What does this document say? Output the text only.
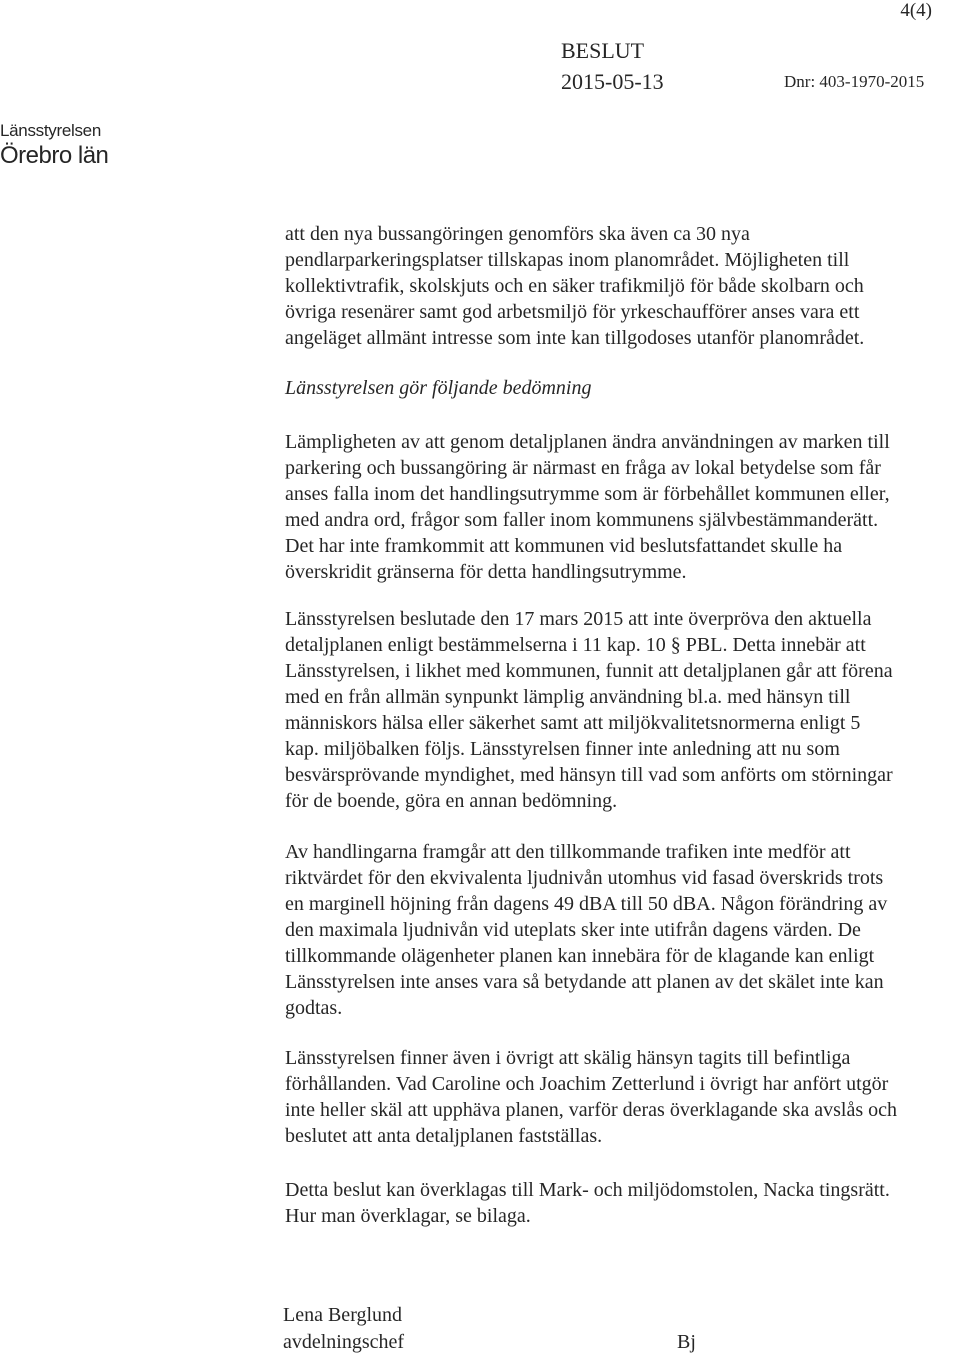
4(4)
BESLUT
2015-05-13	Dnr: 403-1970-2015
Länsstyrelsen
Örebro län
att den nya bussangöringen genomförs ska även ca 30 nya
pendlarparkeringsplatser tillskapas inom planområdet. Möjligheten till
kollektivtrafik, skolskjuts och en säker trafikmiljö för både skolbarn och
övriga resenärer samt god arbetsmiljö för yrkeschaufförer anses vara ett
angeläget allmänt intresse som inte kan tillgodoses utanför planområdet.
Länsstyrelsen gör följande bedömning
Lämpligheten av att genom detaljplanen ändra användningen av marken till
parkering och bussangöring är närmast en fråga av lokal betydelse som får
anses falla inom det handlingsutrymme som är förbehållet kommunen eller,
med andra ord, frågor som faller inom kommunens självbestämmanderätt.
Det har inte framkommit att kommunen vid beslutsfattandet skulle ha
överskridit gränserna för detta handlingsutrymme.
Länsstyrelsen beslutade den 17 mars 2015 att inte överpröva den aktuella
detaljplanen enligt bestämmelserna i 11 kap. 10 § PBL. Detta innebär att
Länsstyrelsen, i likhet med kommunen, funnit att detaljplanen går att förena
med en från allmän synpunkt lämplig användning bl.a. med hänsyn till
människors hälsa eller säkerhet samt att miljökvalitetsnormerna enligt 5
kap. miljöbalken följs. Länsstyrelsen finner inte anledning att nu som
besvärsprövande myndighet, med hänsyn till vad som anförts om störningar
för de boende, göra en annan bedömning.
Av handlingarna framgår att den tillkommande trafiken inte medför att
riktvärdet för den ekvivalenta ljudnivån utomhus vid fasad överskrids trots
en marginell höjning från dagens 49 dBA till 50 dBA. Någon förändring av
den maximala ljudnivån vid uteplats sker inte utifrån dagens värden. De
tillkommande olägenheter planen kan innebära för de klagande kan enligt
Länsstyrelsen inte anses vara så betydande att planen av det skälet inte kan
godtas.
Länsstyrelsen finner även i övrigt att skälig hänsyn tagits till befintliga
förhållanden. Vad Caroline och Joachim Zetterlund i övrigt har anfört utgör
inte heller skäl att upphäva planen, varför deras överklagande ska avslås och
beslutet att anta detaljplanen fastställas.
Detta beslut kan överklagas till Mark- och miljödomstolen, Nacka tingsrätt.
Hur man överklagar, se bilaga.
Lena Berglund
avdelningschef	Bj
